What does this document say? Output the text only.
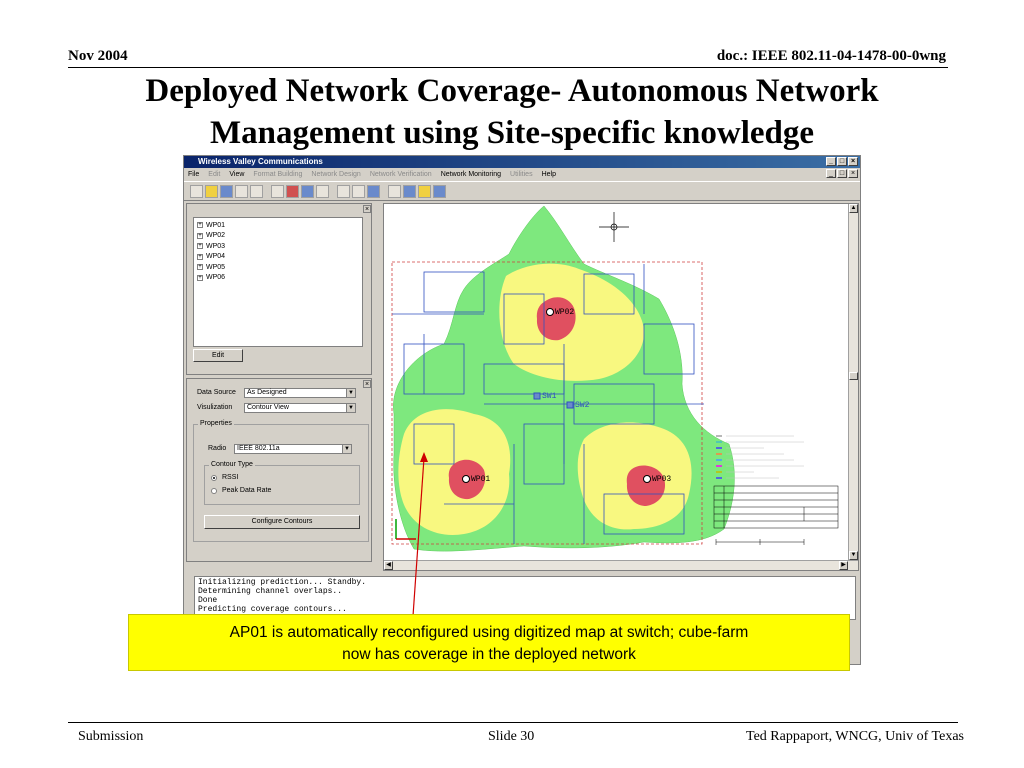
Nov 2004	doc.: IEEE 802.11-04-1478-00-0wng
Deployed Network Coverage- Autonomous Network
Management using Site-specific knowledge
Wireless Valley Communications	_ □ ×
File Edit View Format Building Network Design Network Verification Network Monitoring Utilities Help	_ □ ×
×
+ WP01
+ WP02
+ WP03
+ WP04
+ WP05
+ WP06
Edit
×
Data Source	As Designed	▼
Visulization	Contour View	▼
Properties
Radio	IEEE 802.11a	▼
Contour Type
RSSI
Peak Data Rate
Configure Contours
WP02
WP01	WP03
SW1
SW2
▲
▼
◀	▶
Initializing prediction... Standby.
Determining channel overlaps..
Done
Predicting coverage contours...
AP01 is automatically reconfigured using digitized map at switch; cube-farm
now has coverage in the deployed network
Submission	Slide 30	Ted Rappaport, WNCG, Univ of Texas
